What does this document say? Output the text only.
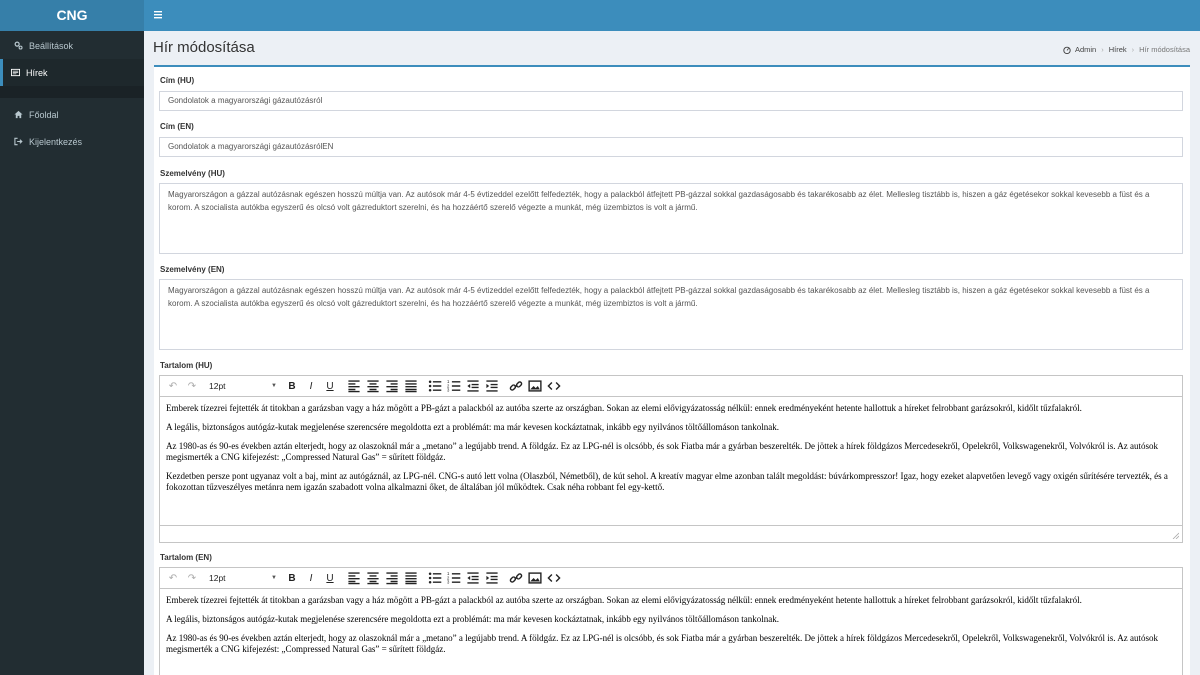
CNG
Beállítások
Hírek
Főoldal
Kijelentkezés
Hír módosítása	Admin › Hírek › Hír módosítása
Cím (HU)
Gondolatok a magyarországi gázautózásról
Cím (EN)
Gondolatok a magyarországi gázautózásrólEN
Szemelvény (HU)
Magyarországon a gázzal autózásnak egészen hosszú múltja van. Az autósok már 4-5 évtizeddel ezelőtt felfedezték, hogy a palackból átfejtett PB-gázzal sokkal gazdaságosabb és takarékosabb az élet. Mellesleg tisztább is, hiszen a gáz égetésekor sokkal kevesebb a füst és a korom. A szocialista autókba egyszerű és olcsó volt gázreduktort szerelni, és ha hozzáértő szerelő végezte a munkát, még üzembiztos is volt a jármű.
Szemelvény (EN)
Magyarországon a gázzal autózásnak egészen hosszú múltja van. Az autósok már 4-5 évtizeddel ezelőtt felfedezték, hogy a palackból átfejtett PB-gázzal sokkal gazdaságosabb és takarékosabb az élet. Mellesleg tisztább is, hiszen a gáz égetésekor sokkal kevesebb a füst és a korom. A szocialista autókba egyszerű és olcsó volt gázreduktort szerelni, és ha hozzáértő szerelő végezte a munkát, még üzembiztos is volt a jármű.
Tartalom (HU)
↶ ↷	12pt	▼	B	I	U	1
2
3

Emberek tízezrei fejtették át titokban a garázsban vagy a ház mögött a PB-gázt a palackból az autóba szerte az országban. Sokan az elemi elővigyázatosság nélkül: ennek eredményeként hetente hallottuk a híreket felrobbant garázsokról, kidőlt tűzfalakról.

A legális, biztonságos autógáz-kutak megjelenése szerencsére megoldotta ezt a problémát: ma már kevesen kockáztatnak, inkább egy nyilvános töltőállomáson tankolnak.

Az 1980-as és 90-es években aztán elterjedt, hogy az olaszoknál már a „metano” a legújabb trend. A földgáz. Ez az LPG-nél is olcsóbb, és sok Fiatba már a gyárban beszerelték. De jöttek a hírek földgázos Mercedesekről, Opelekről, Volkswagenekről, Volvókról is. Az autósok megismerték a CNG kifejezést: „Compressed Natural Gas” = sűrített földgáz.

Kezdetben persze pont ugyanaz volt a baj, mint az autógáznál, az LPG-nél. CNG-s autó lett volna (Olaszból, Németből), de kút sehol. A kreatív magyar elme azonban talált megoldást: búvárkompresszor! Igaz, hogy ezeket alapvetően levegő vagy oxigén sűrítésére tervezték, és a fokozottan tűzveszélyes metánra nem igazán szabadott volna alkalmazni őket, de általában jól működtek. Csak néha robbant fel egy-kettő.

Tartalom (EN)
↶ ↷	12pt	▼	B	I	U	1
2
3

Emberek tízezrei fejtették át titokban a garázsban vagy a ház mögött a PB-gázt a palackból az autóba szerte az országban. Sokan az elemi elővigyázatosság nélkül: ennek eredményeként hetente hallottuk a híreket felrobbant garázsokról, kidőlt tűzfalakról.

A legális, biztonságos autógáz-kutak megjelenése szerencsére megoldotta ezt a problémát: ma már kevesen kockáztatnak, inkább egy nyilvános töltőállomáson tankolnak.

Az 1980-as és 90-es években aztán elterjedt, hogy az olaszoknál már a „metano” a legújabb trend. A földgáz. Ez az LPG-nél is olcsóbb, és sok Fiatba már a gyárban beszerelték. De jöttek a hírek földgázos Mercedesekről, Opelekről, Volkswagenekről, Volvókról is. Az autósok megismerték a CNG kifejezést: „Compressed Natural Gas” = sűrített földgáz.
